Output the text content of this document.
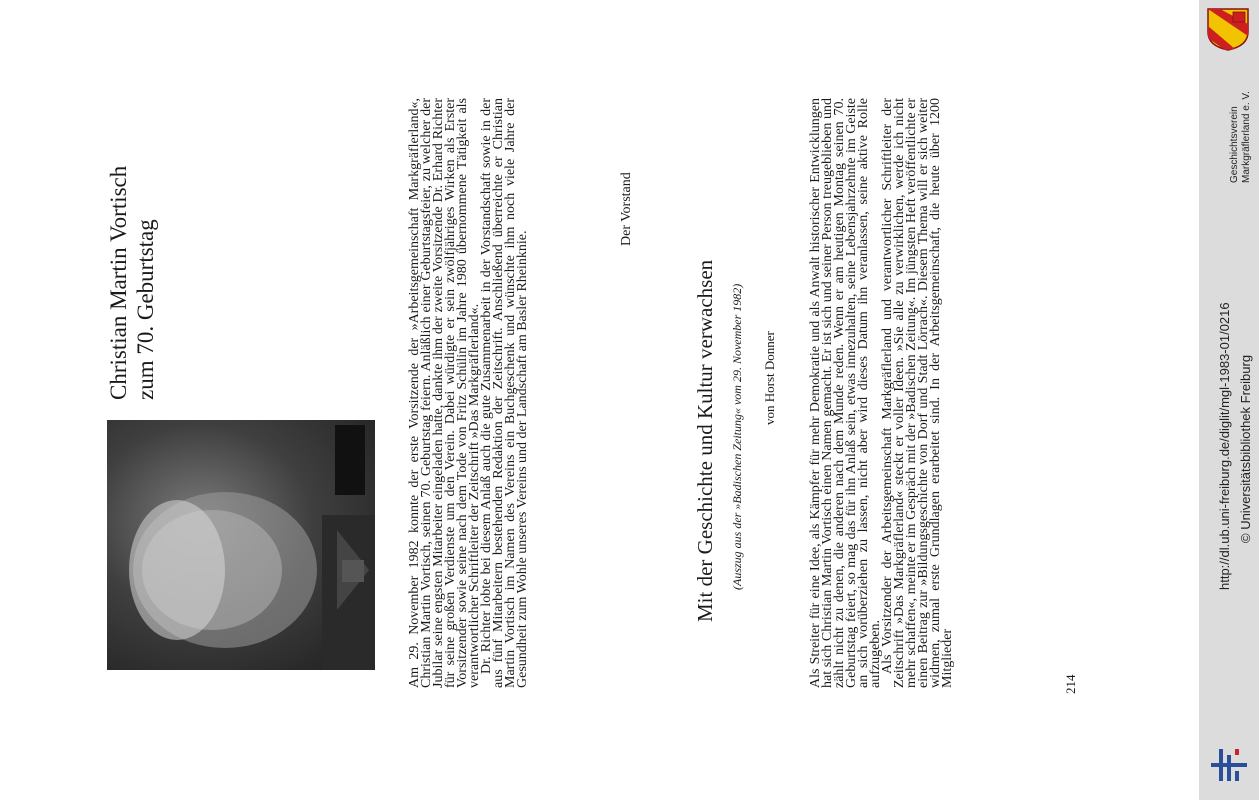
Christian Martin Vortisch zum 70. Geburtstag	Am 29. November 1982 konnte der erste Vorsitzende der »Arbeitsgemeinschaft Markgräflerland«, Christian Martin Vortisch, seinen 70. Geburtstag feiern. Anläßlich einer Geburtstagsfeier, zu welcher der Jubilar seine engsten Mitarbeiter eingeladen hatte, dankte ihm der zweite Vorsitzende Dr. Erhard Richter für seine großen Verdienste um den Verein. Dabei würdigte er sein zwölfjähriges Wirken als Erster Vorsitzender sowie seine nach dem Tode von Fritz Schülin im Jahre 1980 übernommene Tätigkeit als verantwortlicher Schriftleiter der Zeitschrift »Das Markgräflerland«.

Dr. Richter lobte bei diesem Anlaß auch die gute Zusammenarbeit in der Vorstandschaft sowie in der aus fünf Mitarbeitern bestehenden Redaktion der Zeitschrift. Anschließend überreichte er Christian Martin Vortisch im Namen des Vereins ein Buchgeschenk und wünschte ihm noch viele Jahre der Gesundheit zum Wohle unseres Vereins und der Landschaft am Basler Rheinknie.

Der Vorstand
Mit der Geschichte und Kultur verwachsen (Auszug aus der »Badischen Zeitung« vom 29. November 1982) von Horst Donner Als Streiter für eine Idee, als Kämpfer für mehr Demokratie und als Anwalt historischer Entwicklungen hat sich Christian Martin Vortisch einen Namen gemacht. Er ist sich und seiner Person treugeblieben und zählt nicht zu denen, die anderen nach dem Munde reden. Wenn er am heutigen Montag seinen 70. Geburtstag feiert, so mag das für ihn Anlaß sein, etwas innezuhalten, seine Lebensjahrzehnte im Geiste an sich vorüberziehen zu lassen, nicht aber wird dieses Datum ihn veranlassen, seine aktive Rolle aufzugeben.

Als Vorsitzender der Arbeitsgemeinschaft Markgräflerland und verantwortlicher Schriftleiter der Zeitschrift »Das Markgräflerland« steckt er voller Ideen. »Sie alle zu verwirklichen, werde ich nicht mehr schaffen«, meinte er im Gespräch mit der »Badischen Zeitung«. Im jüngsten Heft veröffentlichte er einen Beitrag zur »Bildungsgeschichte von Dorf und Stadt Lörrach«. Diesem Thema will er sich weiter widmen, zumal erste Grundlagen erarbeitet sind. In der Arbeitsgemeinschaft, die heute über 1200 Mitglieder	214
Geschichtsverein Markgräflerland e. V.
http://dl.ub.uni-freiburg.de/diglit/mgl-1983-01/0216 © Universitätsbibliothek Freiburg
